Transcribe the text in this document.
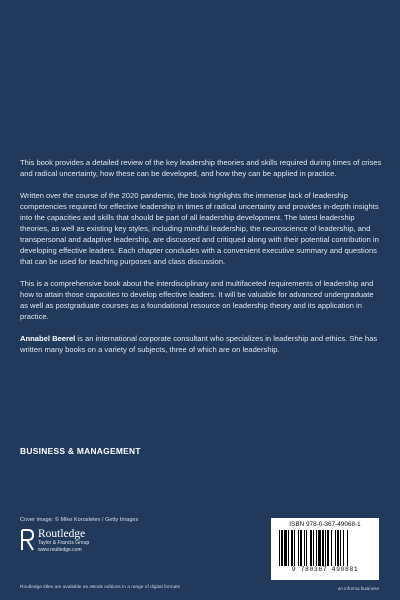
This book provides a detailed review of the key leadership theories and skills required during times of crises and radical uncertainty, how these can be developed, and how they can be applied in practice.

Written over the course of the 2020 pandemic, the book highlights the immense lack of leadership competencies required for effective leadership in times of radical uncertainty and provides in-depth insights into the capacities and skills that should be part of all leadership development. The latest leadership theories, as well as existing key styles, including mindful leadership, the neuroscience of leadership, and transpersonal and adaptive leadership, are discussed and critiqued along with their potential contribution in developing effective leaders. Each chapter concludes with a convenient executive summary and questions that can be used for teaching purposes and class discussion.

This is a comprehensive book about the interdisciplinary and multifaceted requirements of leadership and how to attain those capacities to develop effective leaders. It will be valuable for advanced undergraduate as well as postgraduate courses as a foundational resource on leadership theory and its application in practice.

Annabel Beerel is an international corporate consultant who specializes in leadership and ethics. She has written many books on a variety of subjects, three of which are on leadership.

BUSINESS & MANAGEMENT
Cover image: © Mike Korostelev / Getty Images
Routledge
Taylor & Francis Group
www.routledge.com
Routledge titles are available as eBook editions in a range of digital formats
ISBN 978-0-367-49068-1
9 780367 490881
an informa business
